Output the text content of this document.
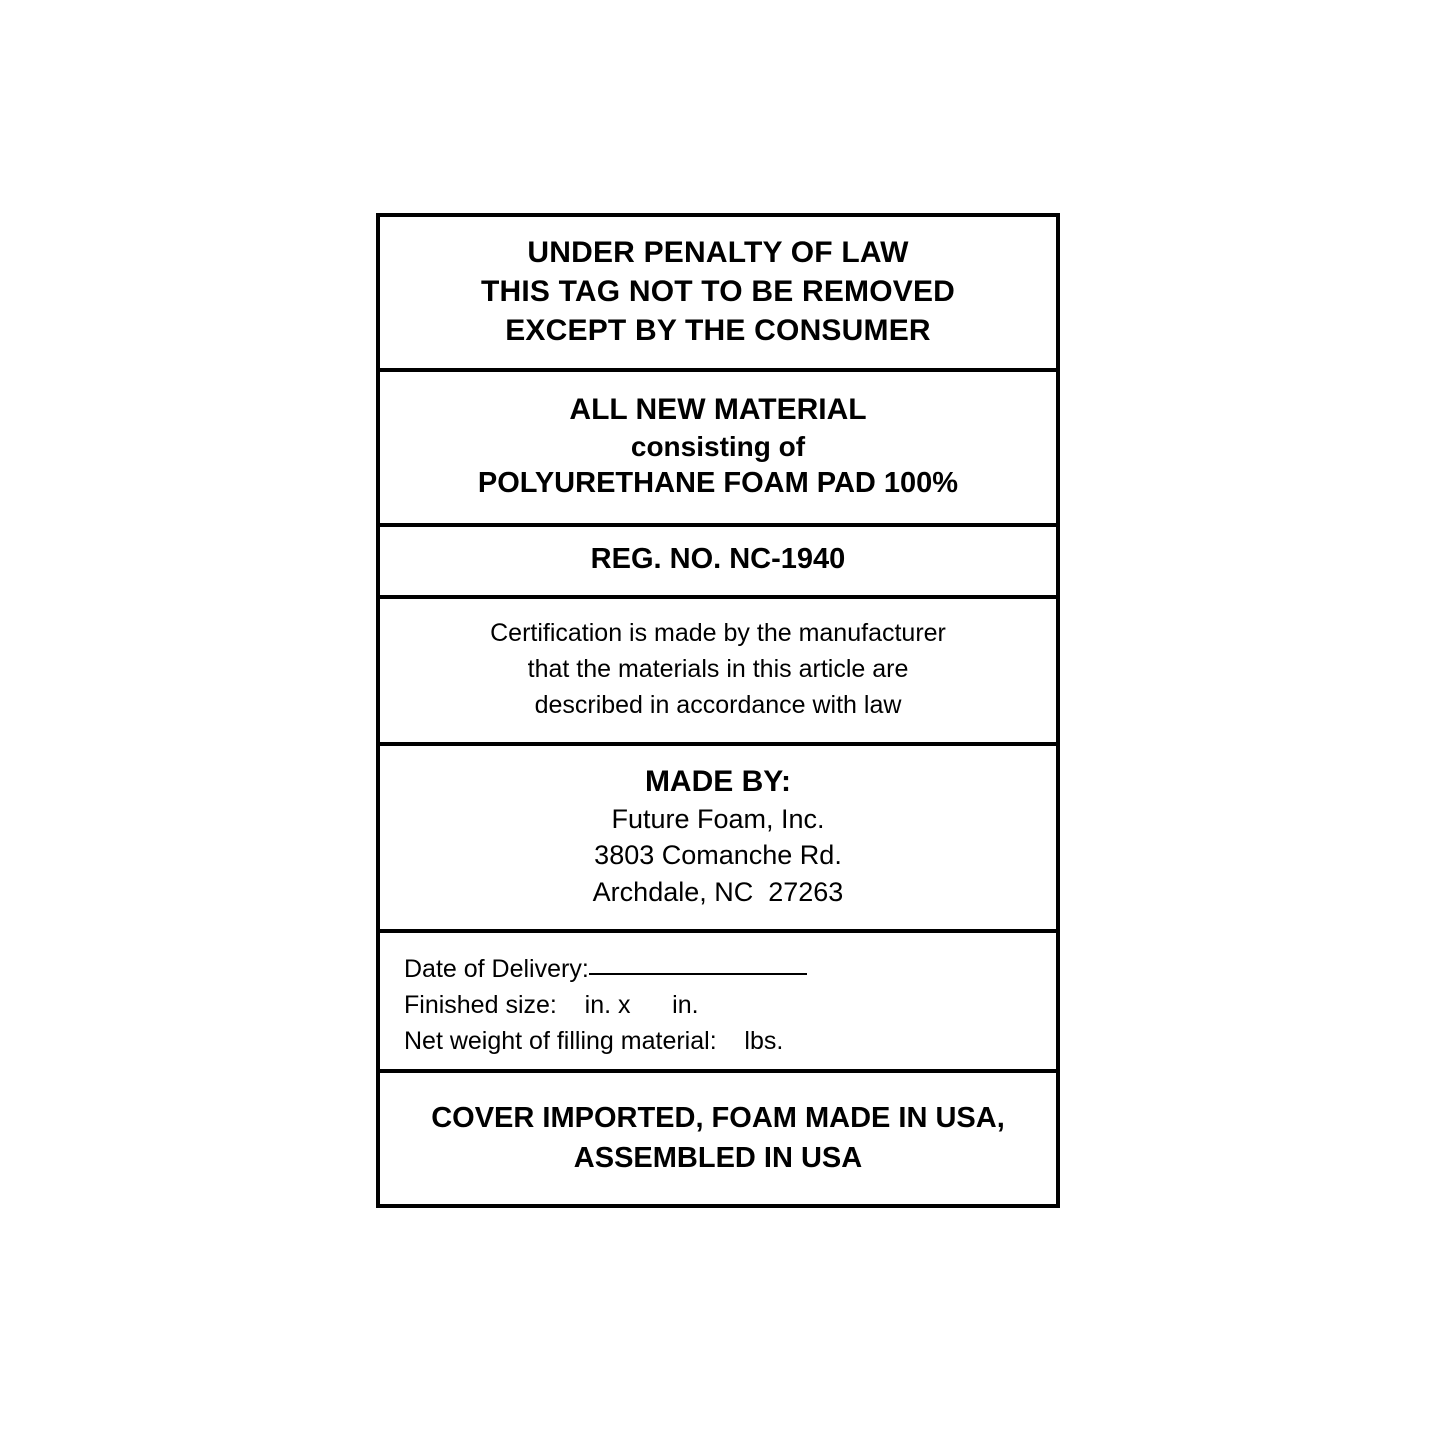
UNDER PENALTY OF LAW
THIS TAG NOT TO BE REMOVED
EXCEPT BY THE CONSUMER
ALL NEW MATERIAL
consisting of
POLYURETHANE FOAM PAD 100%
REG. NO. NC-1940
Certification is made by the manufacturer
that the materials in this article are
described in accordance with law
MADE BY:
Future Foam, Inc.
3803 Comanche Rd.
Archdale, NC  27263
Date of Delivery:
Finished size:    in. x      in.
Net weight of filling material:    lbs.
COVER IMPORTED, FOAM MADE IN USA,
ASSEMBLED IN USA
